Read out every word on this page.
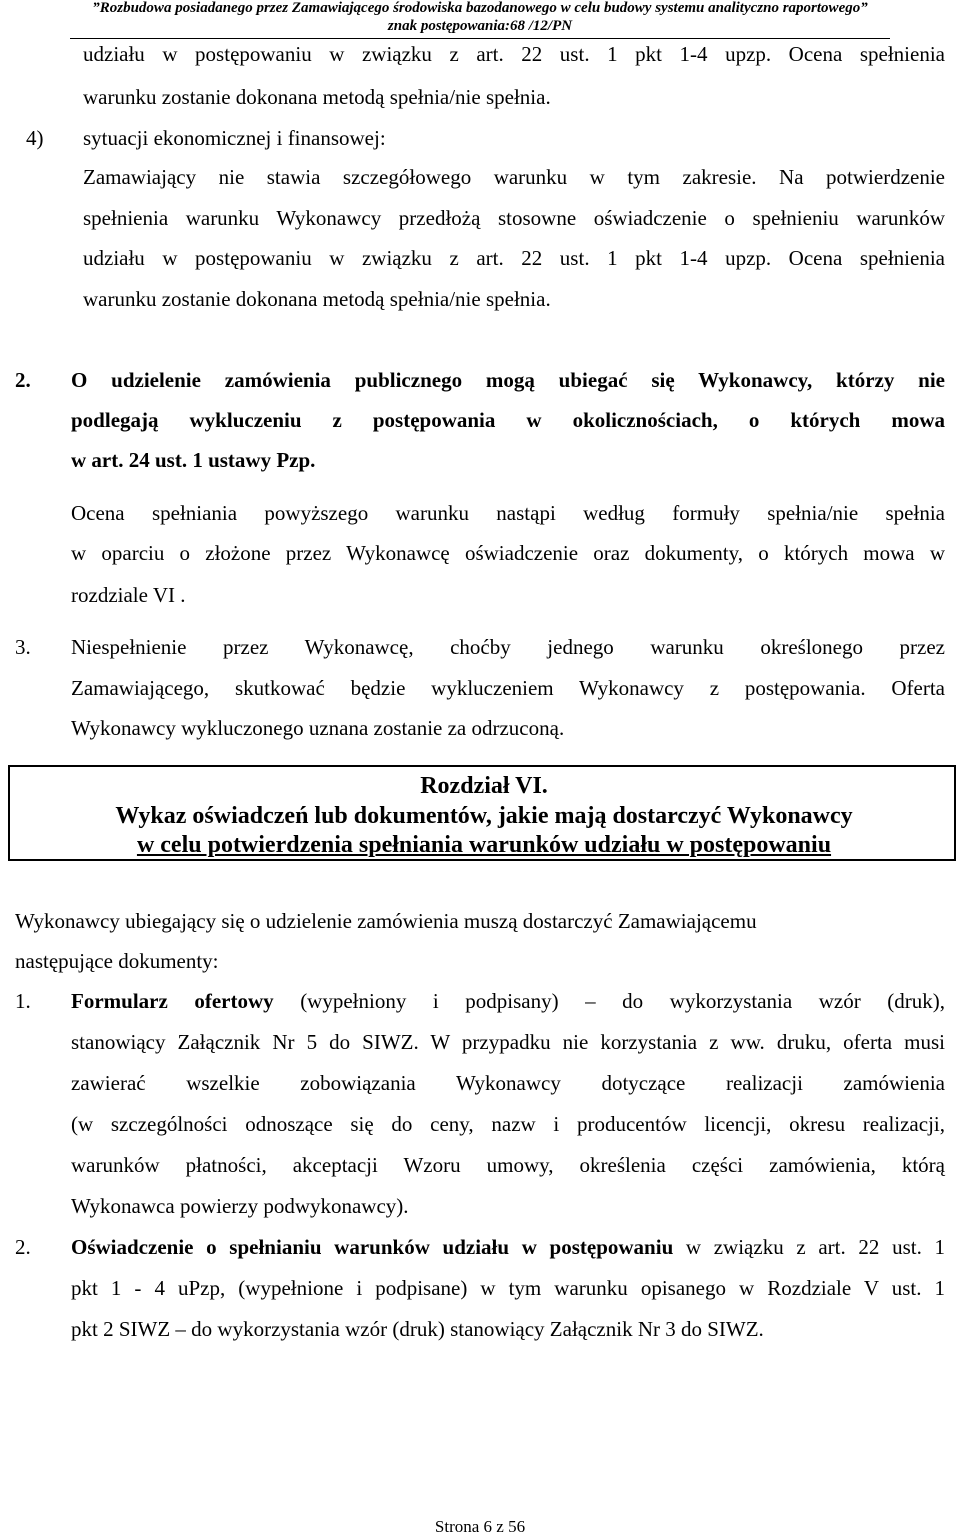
”Rozbudowa posiadanego przez Zamawiającego środowiska bazodanowego w celu budowy systemu analityczno raportowego”
znak postępowania:68 /12/PN
udziału w postępowaniu w związku z art. 22 ust. 1 pkt 1-4 upzp. Ocena spełnienia
warunku zostanie dokonana metodą spełnia/nie spełnia.
4) sytuacji ekonomicznej i finansowej:
Zamawiający nie stawia szczegółowego warunku w tym zakresie. Na potwierdzenie
spełnienia warunku Wykonawcy przedłożą stosowne oświadczenie o spełnieniu warunków
udziału w postępowaniu w związku z art. 22 ust. 1 pkt 1-4 upzp. Ocena spełnienia
warunku zostanie dokonana metodą spełnia/nie spełnia.
2. O udzielenie zamówienia publicznego mogą ubiegać się Wykonawcy, którzy nie
podlegają wykluczeniu z postępowania w okolicznościach, o których mowa
w art. 24 ust. 1 ustawy Pzp.
Ocena spełniania powyższego warunku nastąpi według formuły spełnia/nie spełnia
w oparciu o złożone przez Wykonawcę oświadczenie oraz dokumenty, o których mowa w
rozdziale VI .
3. Niespełnienie przez Wykonawcę, choćby jednego warunku określonego przez
Zamawiającego, skutkować będzie wykluczeniem Wykonawcy z postępowania. Oferta
Wykonawcy wykluczonego uznana zostanie za odrzuconą.
Rozdział VI.
Wykaz oświadczeń lub dokumentów, jakie mają dostarczyć Wykonawcy
w celu potwierdzenia spełniania warunków udziału w postępowaniu
Wykonawcy ubiegający się o udzielenie zamówienia muszą dostarczyć Zamawiającemu
następujące dokumenty:
1. Formularz ofertowy (wypełniony i podpisany) – do wykorzystania wzór (druk),
stanowiący Załącznik Nr 5 do SIWZ. W przypadku nie korzystania z ww. druku, oferta musi
zawierać wszelkie zobowiązania Wykonawcy dotyczące realizacji zamówienia
(w szczególności odnoszące się do ceny, nazw i producentów licencji, okresu realizacji,
warunków płatności, akceptacji Wzoru umowy, określenia części zamówienia, którą
Wykonawca powierzy podwykonawcy).
2. Oświadczenie o spełnianiu warunków udziału w postępowaniu w związku z art. 22 ust. 1
pkt 1 - 4 uPzp, (wypełnione i podpisane) w tym warunku opisanego w Rozdziale V ust. 1
pkt 2 SIWZ – do wykorzystania wzór (druk) stanowiący Załącznik Nr 3 do SIWZ.
Strona 6 z 56
